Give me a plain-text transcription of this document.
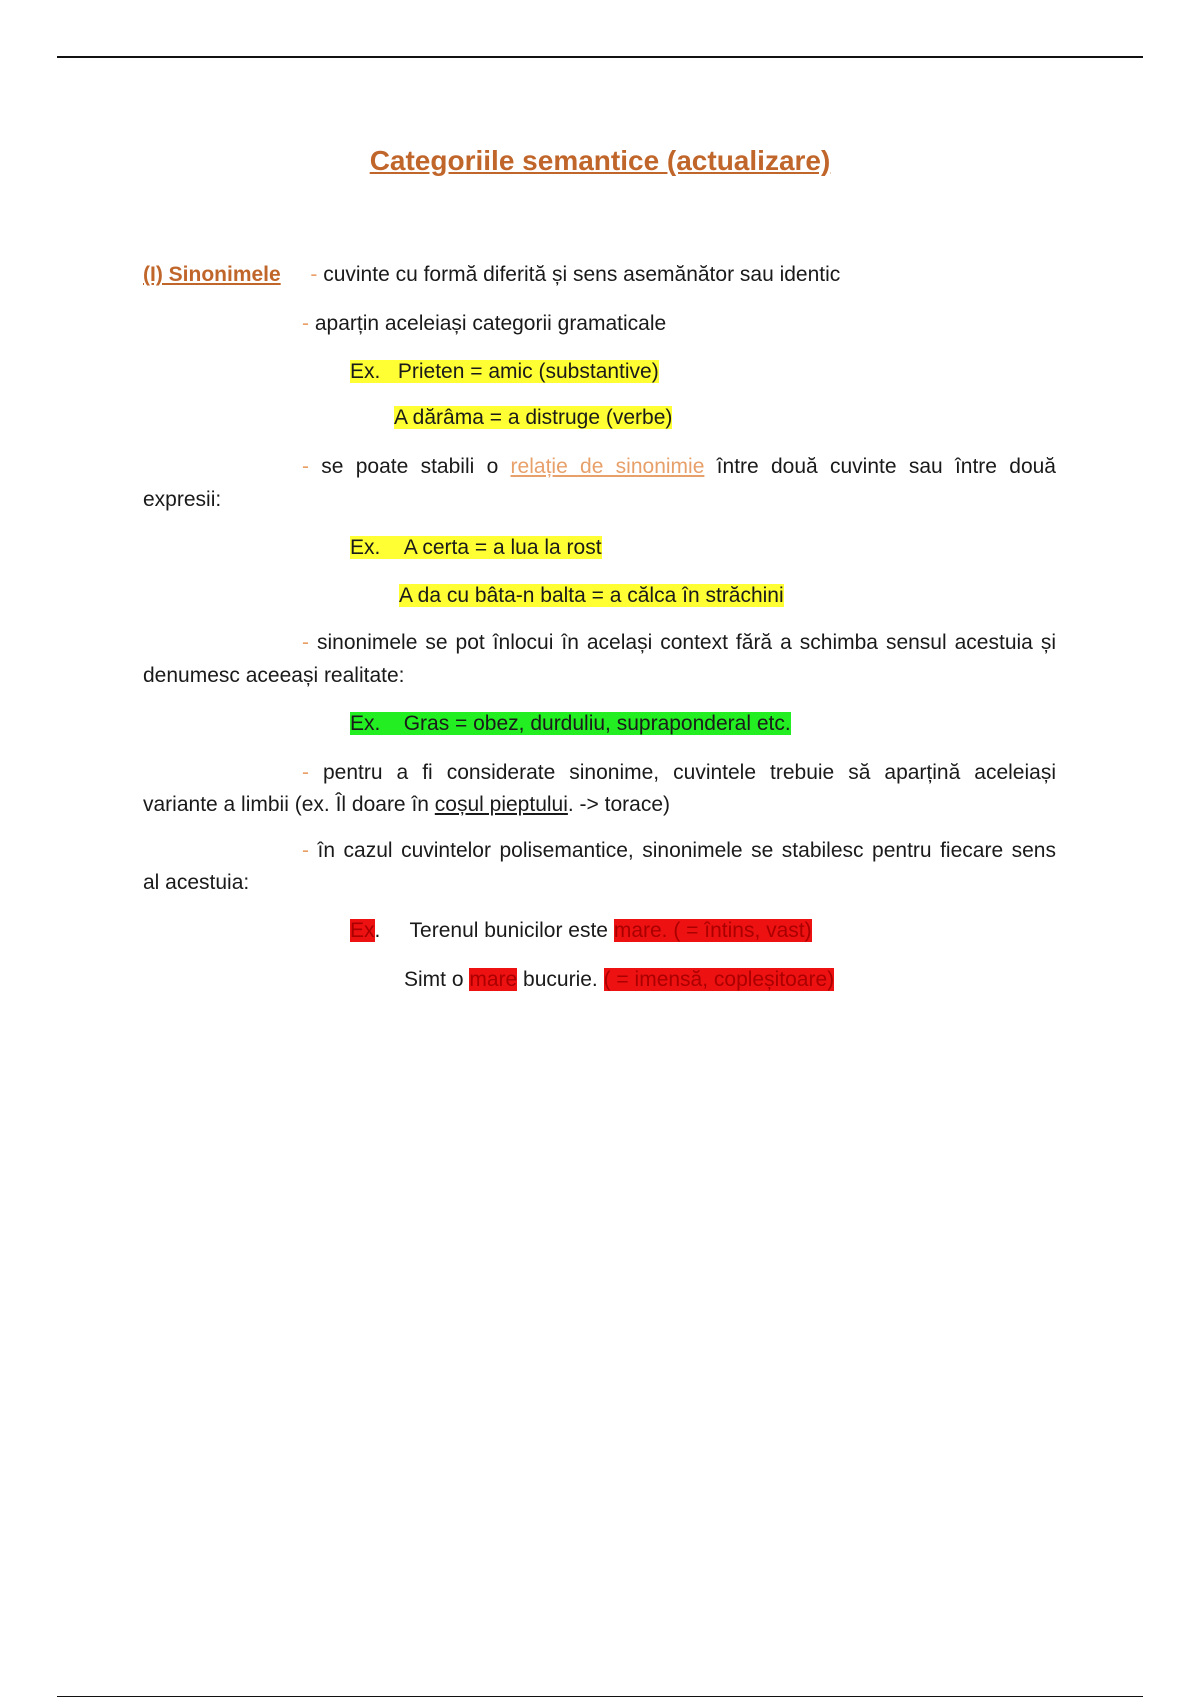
Categoriile semantice (actualizare)
(I) Sinonimele - cuvinte cu formă diferită și sens asemănător sau identic
- aparțin aceleiași categorii gramaticale
Ex. Prieten = amic (substantive)
A dărâma = a distruge (verbe)
- se poate stabili o relație de sinonimie între două cuvinte sau între două
expresii:
Ex. A certa = a lua la rost
A da cu bâta-n balta = a călca în străchini
- sinonimele se pot înlocui în același context fără a schimba sensul acestuia și
denumesc aceeași realitate:
Ex. Gras = obez, durduliu, supraponderal etc.
- pentru a fi considerate sinonime, cuvintele trebuie să aparțină aceleiași
variante a limbii (ex. Îl doare în coșul pieptului. -> torace)
- în cazul cuvintelor polisemantice, sinonimele se stabilesc pentru fiecare sens
al acestuia:
Ex. Terenul bunicilor este mare. ( = întins, vast)
Simt o mare bucurie. ( = imensă, copleșitoare)
